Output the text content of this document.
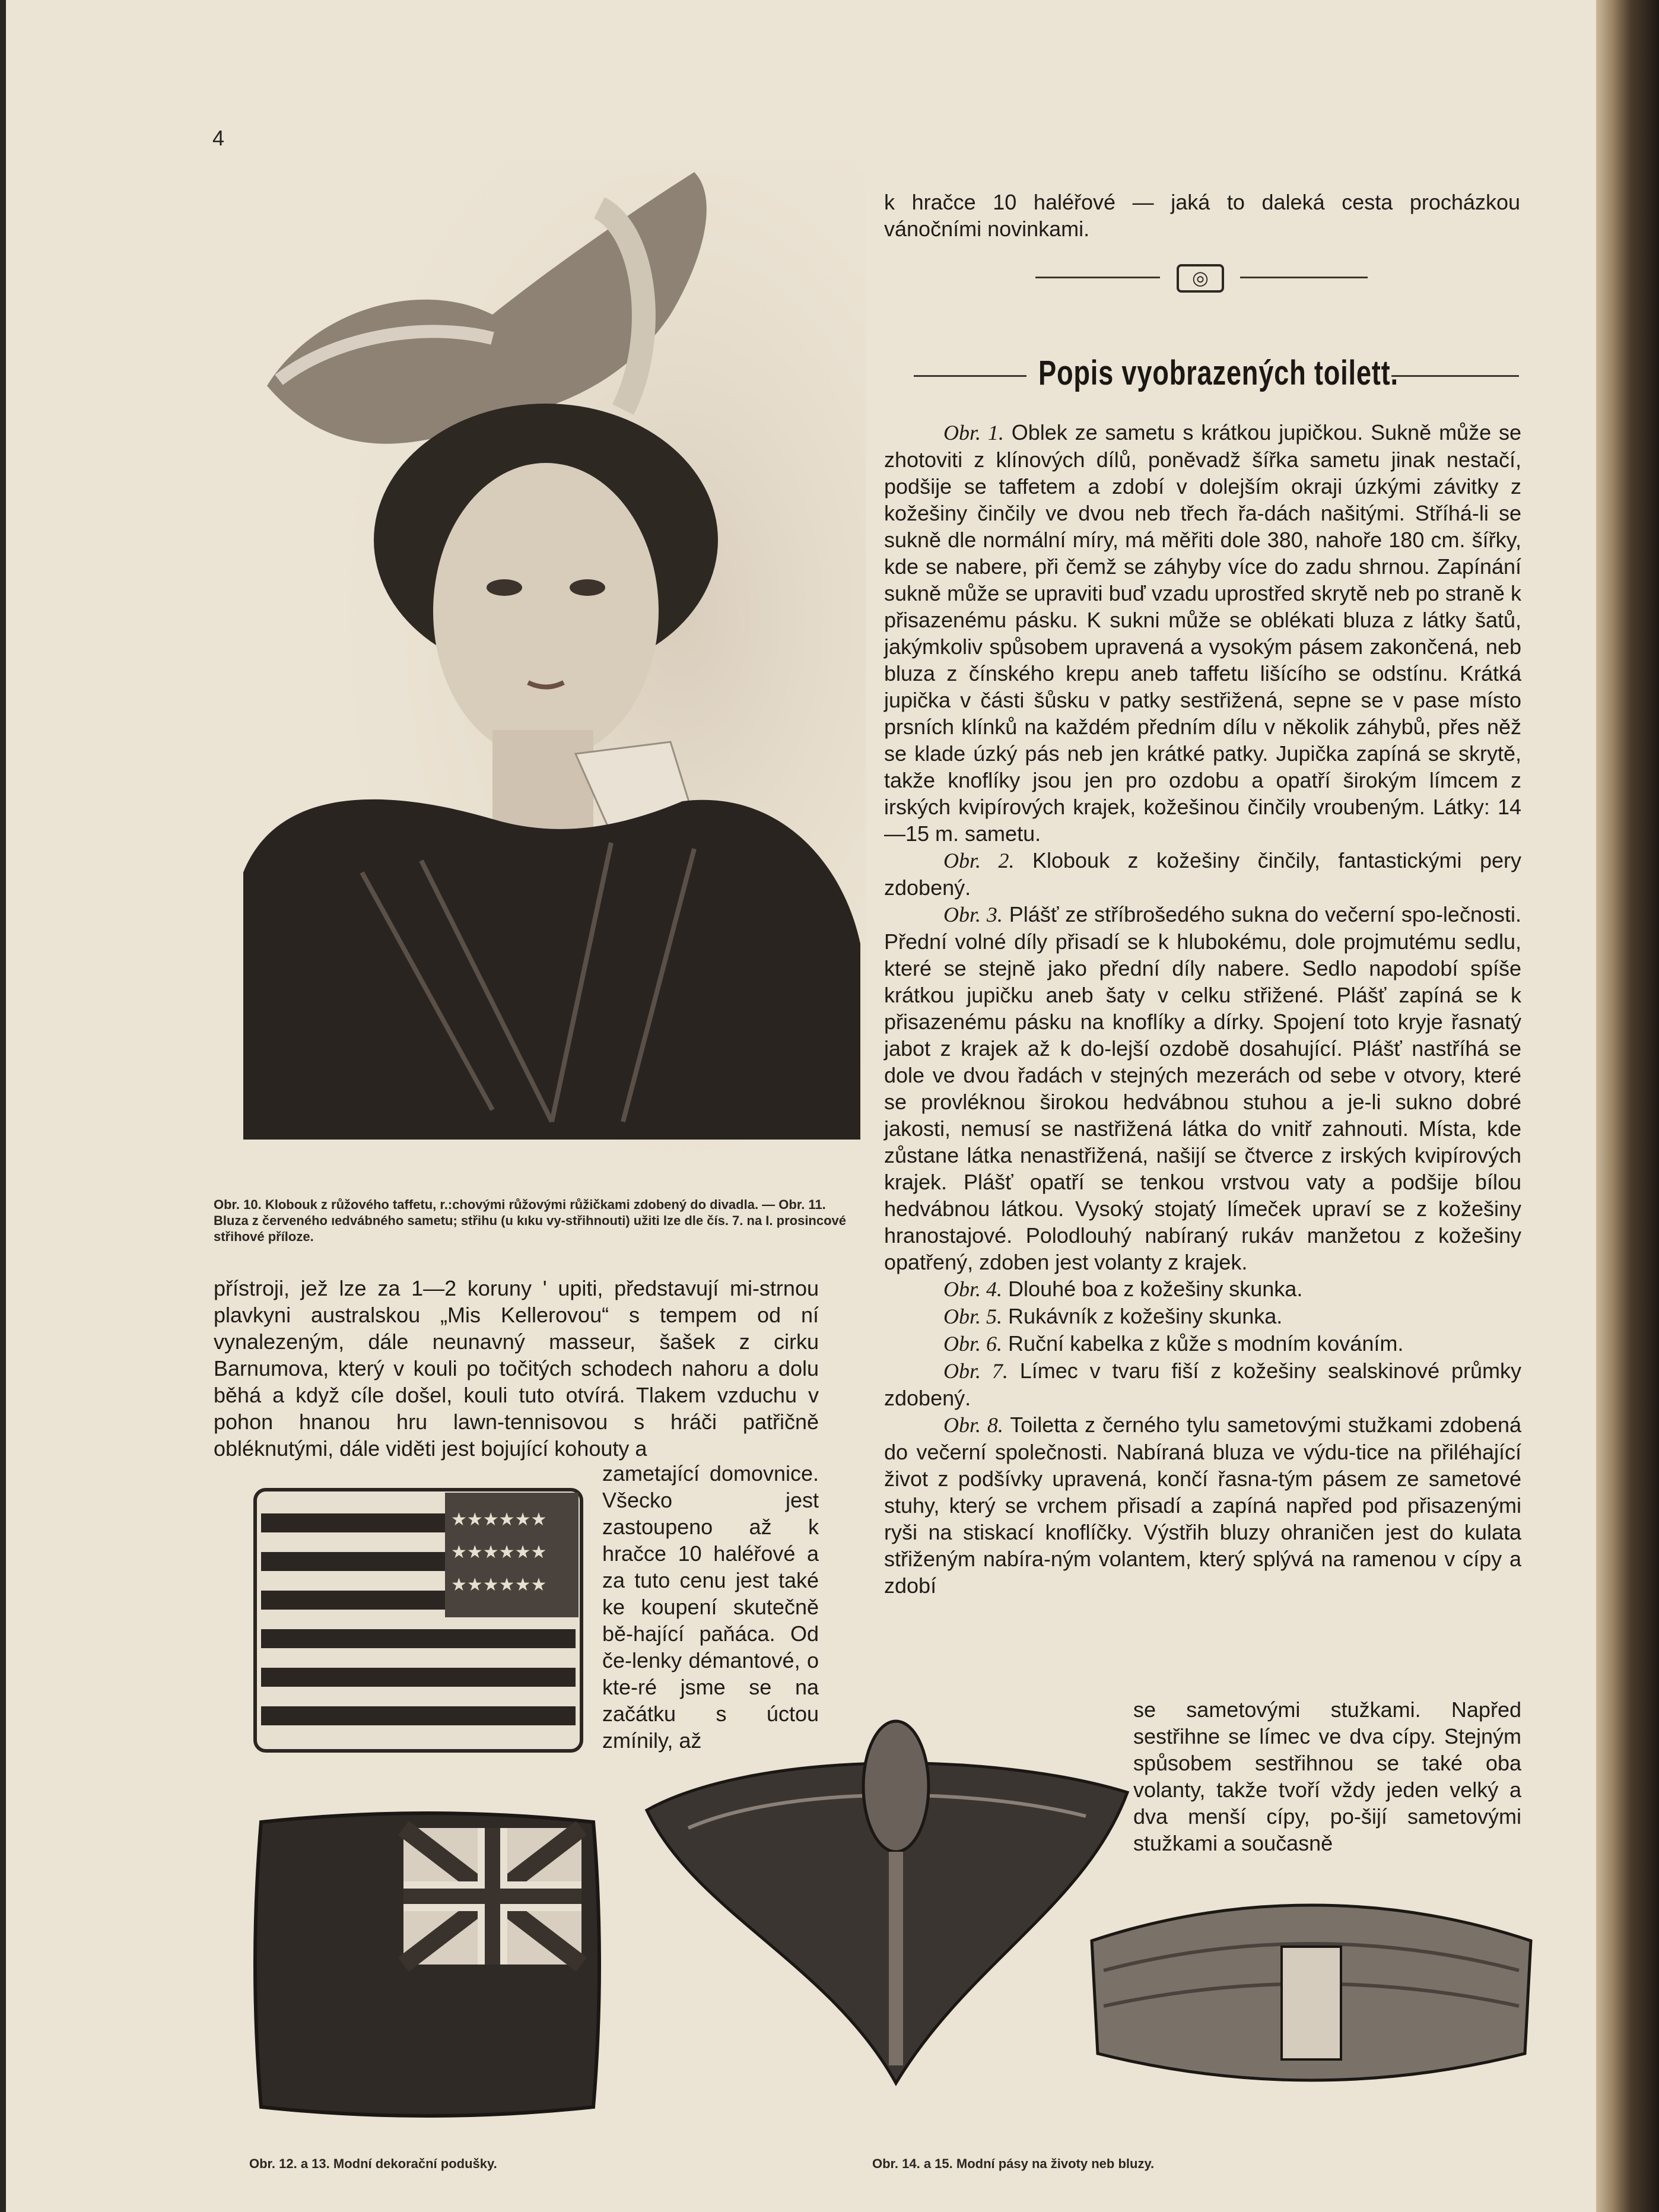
4
Obr. 10. Klobouk z růžového taffetu, r.:chovými růžovými růžičkami zdobený do divadla. — Obr. 11. Bluza z červeného ıedvábného sametu; střihu (u kıku vy-střihnouti) užiti lze dle čís. 7. na I. prosincové střihové příloze.
k hračce 10 haléřové — jaká to daleká cesta procházkou vánočními novinkami.
◎
Popis vyobrazených toilett.

Obr. 1. Oblek ze sametu s krátkou jupičkou. Sukně může se zhotoviti z klínových dílů, poněvadž šířka sametu jinak nestačí, podšije se taffetem a zdobí v dolejším okraji úzkými závitky z kožešiny činčily ve dvou neb třech řa-dách našitými. Stříhá-li se sukně dle normální míry, má měřiti dole 380, nahoře 180 cm. šířky, kde se nabere, při čemž se záhyby více do zadu shrnou. Zapínání sukně může se upraviti buď vzadu uprostřed skrytě neb po straně k přisazenému pásku. K sukni může se oblékati bluza z látky šatů, jakýmkoliv spůsobem upravená a vysokým pásem zakončená, neb bluza z čínského krepu aneb taffetu lišícího se odstínu. Krátká jupička v části šůsku v patky sestřižená, sepne se v pase místo prsních klínků na každém předním dílu v několik záhybů, přes něž se klade úzký pás neb jen krátké patky. Jupička zapíná se skrytě, takže knoflíky jsou jen pro ozdobu a opatří širokým límcem z irských kvipírových krajek, kožešinou činčily vroubeným. Látky: 14—15 m. sametu.

Obr. 2. Klobouk z kožešiny činčily, fantastickými pery zdobený.

Obr. 3. Plášť ze stříbrošedého sukna do večerní spo-lečnosti. Přední volné díly přisadí se k hlubokému, dole projmutému sedlu, které se stejně jako přední díly nabere. Sedlo napodobí spíše krátkou jupičku aneb šaty v celku střižené. Plášť zapíná se k přisazenému pásku na knoflíky a dírky. Spojení toto kryje řasnatý jabot z krajek až k do-lejší ozdobě dosahující. Plášť nastříhá se dole ve dvou řadách v stejných mezerách od sebe v otvory, které se provléknou širokou hedvábnou stuhou a je-li sukno dobré jakosti, nemusí se nastřižená látka do vnitř zahnouti. Místa, kde zůstane látka nenastřižená, našijí se čtverce z irských kvipírových krajek. Plášť opatří se tenkou vrstvou vaty a podšije bílou hedvábnou látkou. Vysoký stojatý límeček upraví se z kožešiny hranostajové. Polodlouhý nabíraný rukáv manžetou z kožešiny opatřený, zdoben jest volanty z krajek.

Obr. 4. Dlouhé boa z kožešiny skunka.

Obr. 5. Rukávník z kožešiny skunka.

Obr. 6. Ruční kabelka z kůže s modním kováním.

Obr. 7. Límec v tvaru fiší z kožešiny sealskinové průmky zdobený.

Obr. 8. Toiletta z černého tylu sametovými stužkami zdobená do večerní společnosti. Nabíraná bluza ve výdu-tice na přiléhající život z podšívky upravená, končí řasna-tým pásem ze sametové stuhy, který se vrchem přisadí a zapíná napřed pod přisazenými ryši na stiskací knoflíčky. Výstřih bluzy ohraničen jest do kulata střiženým nabíra-ným volantem, který splývá na ramenou v cípy a zdobí

se sametovými stužkami. Napřed sestřihne se límec ve dva cípy. Stejným spůsobem sestřihnou se také oba volanty, takže tvoří vždy jeden velký a dva menší cípy, po-šijí sametovými stužkami a současně
přístroji, jež lze za 1—2 koruny ' upiti, představují mi-strnou plavkyni australskou „Mis Kellerovou“ s tempem od ní vynalezeným, dále neunavný masseur, šašek z cirku Barnumova, který v kouli po točitých schodech nahoru a dolu běhá a když cíle došel, kouli tuto otvírá. Tlakem vzduchu v pohon hnanou hru lawn-tennisovou s hráči patřičně obléknutými, dále viděti jest bojující kohouty a
zametající domovnice. Všecko jest zastoupeno až k hračce 10 haléřové a za tuto cenu jest také ke koupení skutečně bě-hající paňáca. Od če-lenky démantové, o kte-ré jsme se na začátku s úctou zmínily, až
★★★★★★
★★★★★★
★★★★★★
Obr. 12. a 13. Modní dekorační podušky.	Obr. 14. a 15. Modní pásy na životy neb bluzy.
